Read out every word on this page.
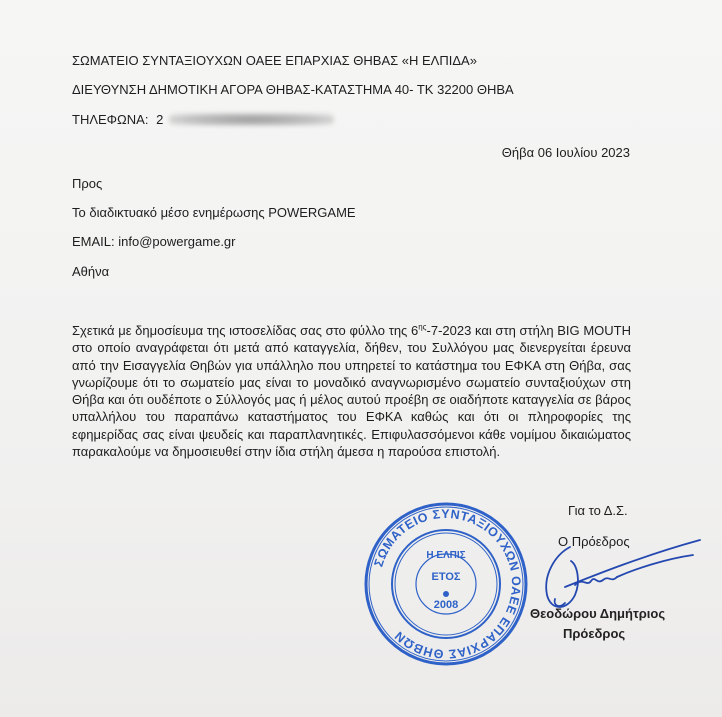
ΣΩΜΑΤΕΙΟ ΣΥΝΤΑΞΙΟΥΧΩΝ ΟΑΕΕ ΕΠΑΡΧΙΑΣ ΘΗΒΑΣ «Η ΕΛΠΙΔΑ»
ΔΙΕΥΘΥΝΣΗ ΔΗΜΟΤΙΚΗ ΑΓΟΡΑ ΘΗΒΑΣ-ΚΑΤΑΣΤΗΜΑ 40- ΤΚ 32200 ΘΗΒΑ
ΤΗΛΕΦΩΝΑ: 2
Θήβα 06 Ιουλίου 2023
Προς
Το διαδικτυακό μέσο ενημέρωσης POWERGAME
EMAIL: info@powergame.gr
Αθήνα

Σχετικά με δημοσίευμα της ιστοσελίδας σας στο φύλλο της $6^{\eta\varsigma}-7-2023$ και στη στήλη BIG MOUTH στο οποίο αναγράφεται ότι μετά από καταγγελία, δήθεν, του Συλλόγου μας διενεργείται έρευνα από την Εισαγγελία Θηβών για υπάλληλο που υπηρετεί το κατάστημα του ΕΦΚΑ στη Θήβα, σας γνωρίζουμε ότι το σωματείο μας είναι το μοναδικό αναγνωρισμένο σωματείο συνταξιούχων στη Θήβα και ότι ουδέποτε ο Σύλλογός μας ή μέλος αυτού προέβη σε οιαδήποτε καταγγελία σε βάρος υπαλλήλου του παραπάνω καταστήματος του ΕΦΚΑ καθώς και ότι οι πληροφορίες της εφημερίδας σας είναι ψευδείς και παραπλανητικές. Επιφυλασσόμενοι κάθε νομίμου δικαιώματος παρακαλούμε να δημοσιευθεί στην ίδια στήλη άμεσα η παρούσα επιστολή.

Για το Δ.Σ.
Ο Πρόεδρος
ΣΩΜΑΤΕΙΟ ΣΥΝΤΑΞΙΟΥΧΩΝ ΟΑΕΕ ΕΠΑΡΧΙΑΣ ΘΗΒΩΝ
Η ΕΛΠΙΣ
ΕΤΟΣ
2008
Θεοδώρου Δημήτριος
Πρόεδρος
